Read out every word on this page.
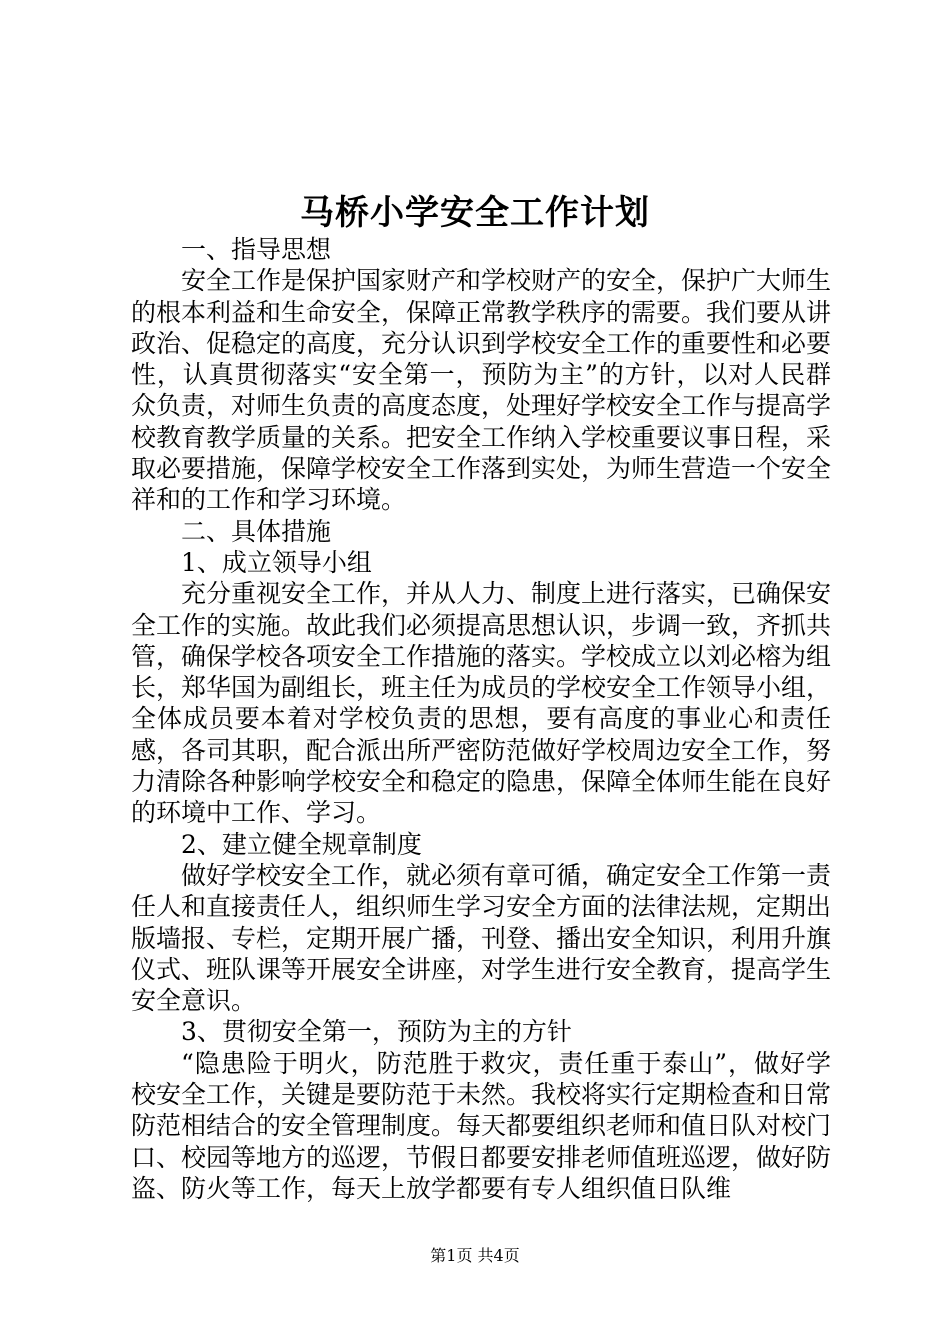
马桥小学安全工作计划

一、指导思想

安全工作是保护国家财产和学校财产的安全，保护广大师生的根本利益和生命安全，保障正常教学秩序的需要。我们要从讲政治、促稳定的高度，充分认识到学校安全工作的重要性和必要性，认真贯彻落实“安全第一，预防为主”的方针，以对人民群众负责，对师生负责的高度态度，处理好学校安全工作与提高学校教育教学质量的关系。把安全工作纳入学校重要议事日程，采取必要措施，保障学校安全工作落到实处，为师生营造一个安全祥和的工作和学习环境。

二、具体措施

1、成立领导小组

充分重视安全工作，并从人力、制度上进行落实，已确保安全工作的实施。故此我们必须提高思想认识，步调一致，齐抓共管，确保学校各项安全工作措施的落实。学校成立以刘必榕为组长，郑华国为副组长，班主任为成员的学校安全工作领导小组，全体成员要本着对学校负责的思想，要有高度的事业心和责任感，各司其职，配合派出所严密防范做好学校周边安全工作，努力清除各种影响学校安全和稳定的隐患，保障全体师生能在良好的环境中工作、学习。

2、建立健全规章制度

做好学校安全工作，就必须有章可循，确定安全工作第一责任人和直接责任人，组织师生学习安全方面的法律法规，定期出版墙报、专栏，定期开展广播，刊登、播出安全知识，利用升旗仪式、班队课等开展安全讲座，对学生进行安全教育，提高学生安全意识。

3、贯彻安全第一，预防为主的方针

“隐患险于明火，防范胜于救灾，责任重于泰山”，做好学校安全工作，关键是要防范于未然。我校将实行定期检查和日常防范相结合的安全管理制度。每天都要组织老师和值日队对校门口、校园等地方的巡逻，节假日都要安排老师值班巡逻，做好防盗、防火等工作，每天上放学都要有专人组织值日队维

第1页 共4页
